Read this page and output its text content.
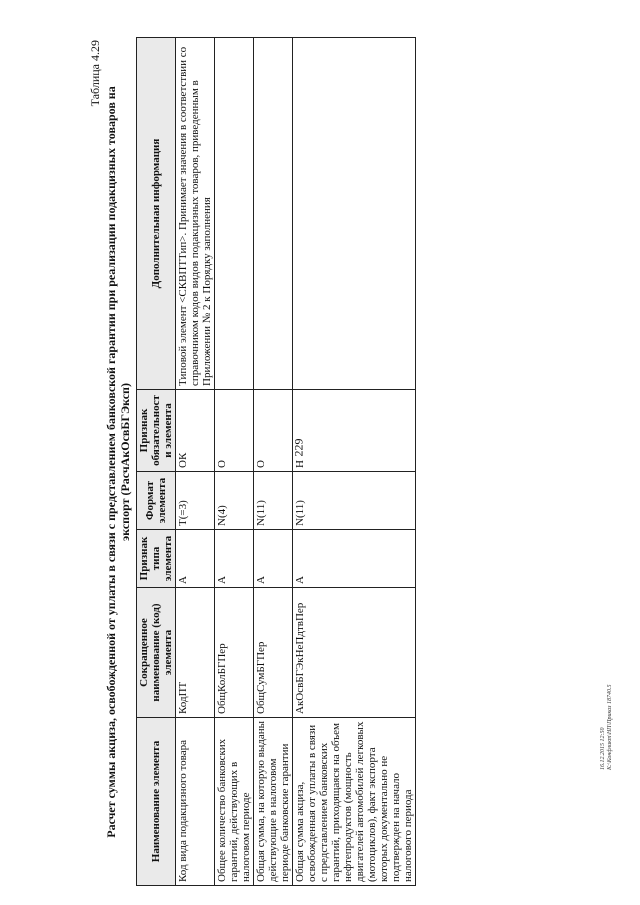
229
16.12.2015 12:50 К:\Конфликт\НП\Приказ 18740.5
Таблица 4.29
Расчет суммы акциза, освобожденной от уплаты в связи с представлением банковской гарантии при реализации подакцизных товаров на экспорт (РасчАкОсвБГЭксп)
Наименование элемента	Сокращенное наименование (код) элемента	Признак типа элемента	Формат элемента	Признак обязательности элемента	Дополнительная информация
Код вида подакцизного товара	КодПТ	А	T(=3)	ОК	Типовой элемент <СКВПТТип>. Принимает значения в соответствии со справочником кодов видов подакцизных товаров, приведенным в Приложении № 2 к Порядку заполнения
Общее количество банковских гарантий, действующих в налоговом периоде	ОбщКолБГПер	А	N(4)	О	
Общая сумма, на которую выданы действующие в налоговом периоде банковские гарантии	ОбщСумБГПер	А	N(11)	О	
Общая сумма акциза, освобожденная от уплаты в связи с представлением банковских гарантий, приходящаяся на объем нефтепродуктов (мощность двигателей автомобилей легковых (мотоциклов), факт экспорта которых документально не подтвержден на начало налогового периода	АкОсвБГЭкНеПдтвПер	А	N(11)	Н	
